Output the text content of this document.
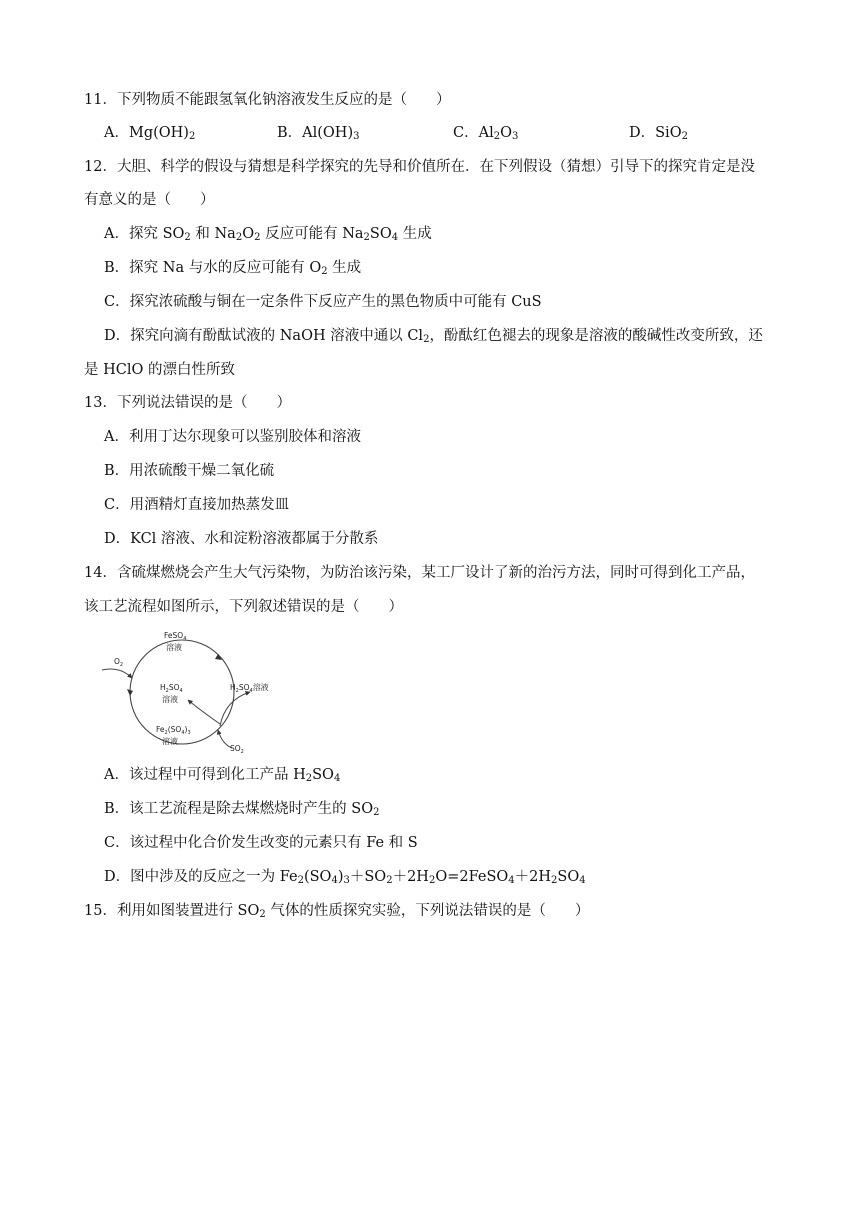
11．下列物质不能跟氢氧化钠溶液发生反应的是（　　）
A．$Mg(OH)_2$	B．$Al(OH)_3$	C．$Al_2O_3$	D．SiO$_2$
12．大胆、科学的假设与猜想是科学探究的先导和价值所在．在下列假设（猜想）引导下的探究肯定是没
有意义的是（　　）
A．探究 $SO_2$ 和 $Na_2O_2$ 反应可能有 $Na_2SO_4$ 生成
B．探究 Na 与水的反应可能有 $O_2$ 生成
C．探究浓硫酸与铜在一定条件下反应产生的黑色物质中可能有 CuS
D．探究向滴有酚酞试液的 NaOH 溶液中通以 $Cl_2$，酚酞红色褪去的现象是溶液的酸碱性改变所致，还
是 HClO 的漂白性所致
13．下列说法错误的是（　　）
A．利用丁达尔现象可以鉴别胶体和溶液
B．用浓硫酸干燥二氧化硫
C．用酒精灯直接加热蒸发皿
D．KCl 溶液、水和淀粉溶液都属于分散系
14．含硫煤燃烧会产生大气污染物，为防治该污染，某工厂设计了新的治污方法，同时可得到化工产品，
该工艺流程如图所示，下列叙述错误的是（　　）
$O_2$
FeSO$_4$
溶液
$H_2SO_4$
溶液
$H_2SO_4$溶液
$Fe_2(SO_4)_3$
溶液
$SO_2$
A．该过程中可得到化工产品 $H_2SO_4$
B．该工艺流程是除去煤燃烧时产生的 $SO_2$
C．该过程中化合价发生改变的元素只有 Fe 和 S
D．图中涉及的反应之一为 $Fe_2(SO_4)_3+SO_2+2H_2O=2FeSO_4+2H_2SO_4$
15．利用如图装置进行 $SO_2$ 气体的性质探究实验，下列说法错误的是（　　）
